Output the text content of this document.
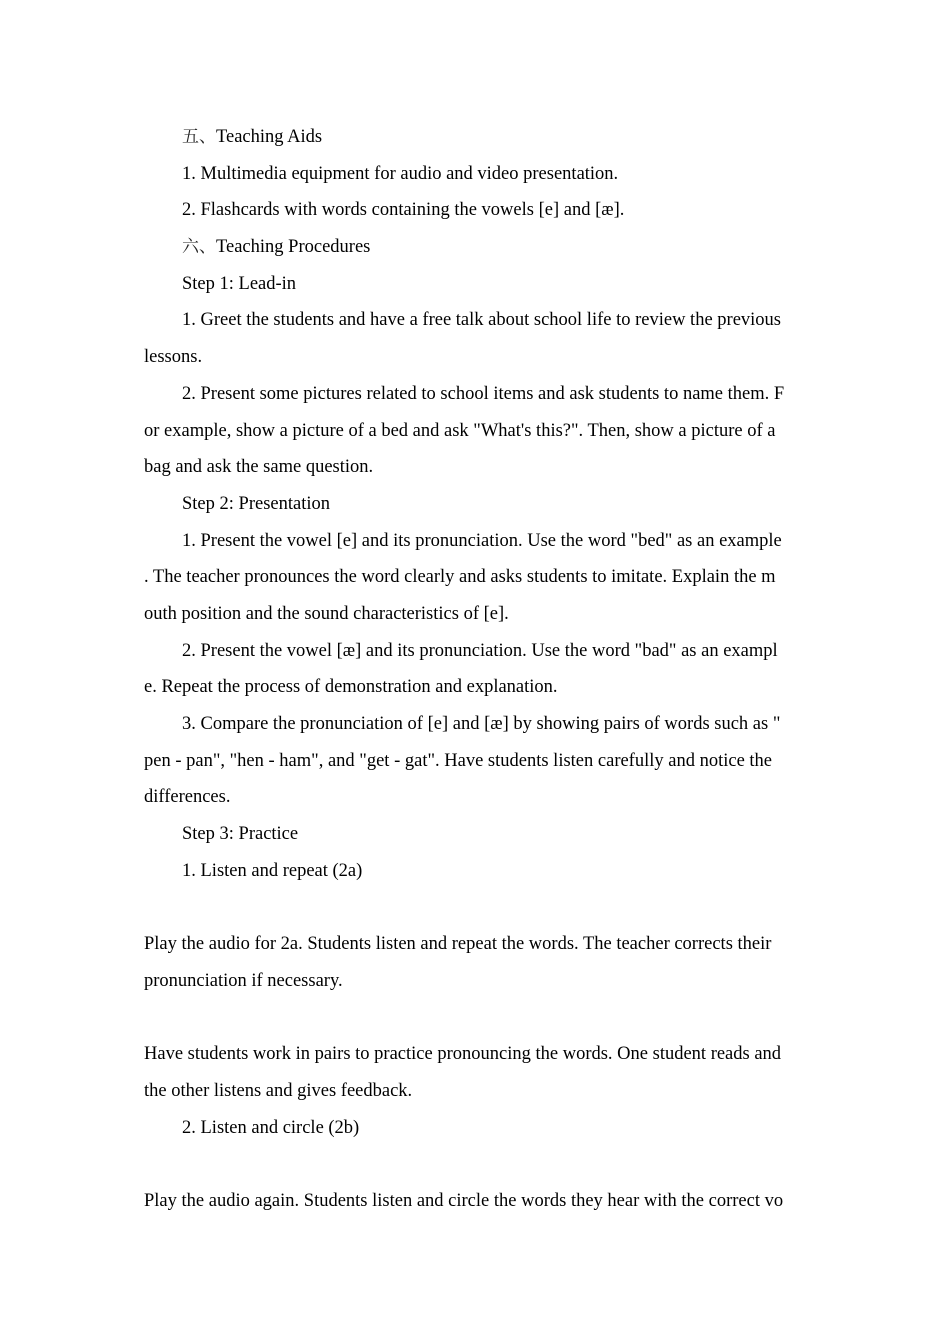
五、Teaching Aids
1. Multimedia equipment for audio and video presentation.
2. Flashcards with words containing the vowels [e] and [æ].
六、Teaching Procedures
Step 1: Lead-in
1. Greet the students and have a free talk about school life to review the previous
lessons.
2. Present some pictures related to school items and ask students to name them. F
or example, show a picture of a bed and ask "What's this?". Then, show a picture of a
bag and ask the same question.
Step 2: Presentation
1. Present the vowel [e] and its pronunciation. Use the word "bed" as an example
. The teacher pronounces the word clearly and asks students to imitate. Explain the m
outh position and the sound characteristics of [e].
2. Present the vowel [æ] and its pronunciation. Use the word "bad" as an exampl
e. Repeat the process of demonstration and explanation.
3. Compare the pronunciation of [e] and [æ] by showing pairs of words such as "
pen - pan", "hen - ham", and "get - gat". Have students listen carefully and notice the
differences.
Step 3: Practice
1. Listen and repeat (2a)
Play the audio for 2a. Students listen and repeat the words. The teacher corrects their
pronunciation if necessary.
Have students work in pairs to practice pronouncing the words. One student reads and
the other listens and gives feedback.
2. Listen and circle (2b)
Play the audio again. Students listen and circle the words they hear with the correct vo
